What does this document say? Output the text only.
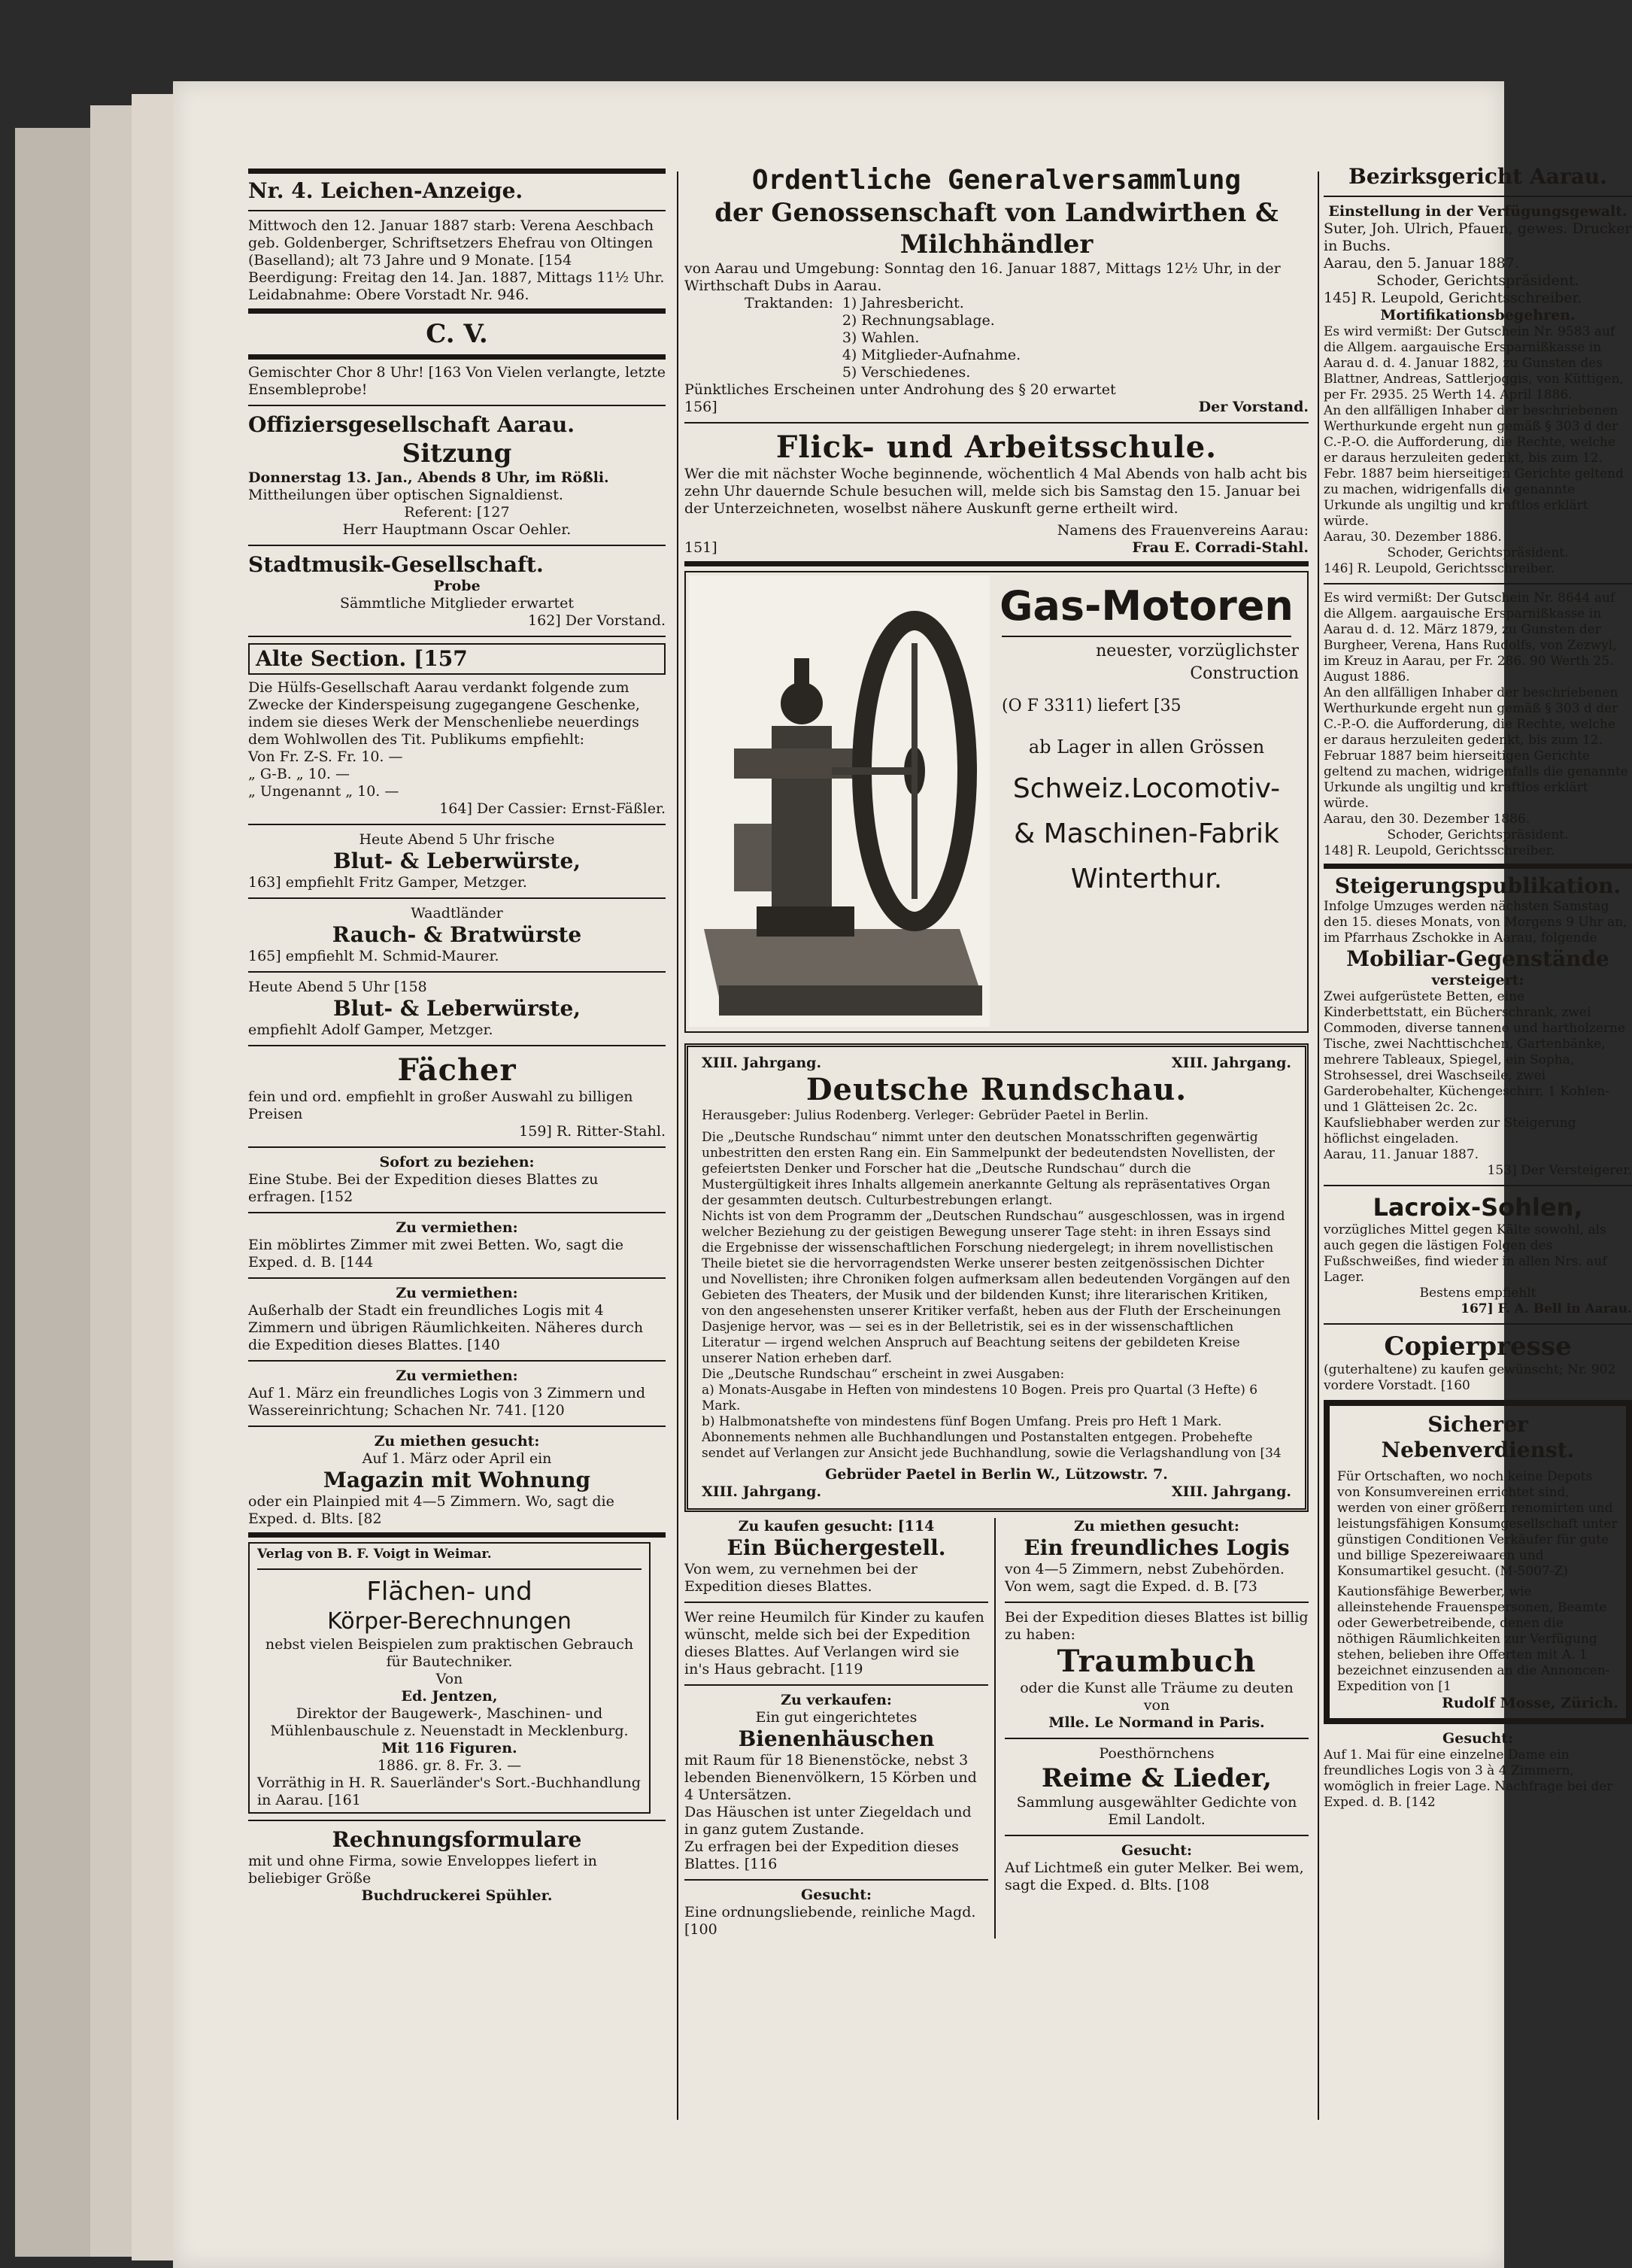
Nr. 4. Leichen-Anzeige.

Mittwoch den 12. Januar 1887 starb: Verena Aeschbach geb. Goldenberger, Schriftsetzers Ehefrau von Oltingen (Baselland); alt 73 Jahre und 9 Monate. [154

Beerdigung: Freitag den 14. Jan. 1887, Mittags 11½ Uhr. Leidabnahme: Obere Vorstadt Nr. 946.

C. V.

Gemischter Chor 8 Uhr! [163 Von Vielen verlangte, letzte Ensembleprobe!

Offiziersgesellschaft Aarau.

Sitzung

Donnerstag 13. Jan., Abends 8 Uhr, im Rößli.

Mittheilungen über optischen Signaldienst.

Referent: [127

Herr Hauptmann Oscar Oehler.

Stadtmusik-Gesellschaft.

Probe

Sämmtliche Mitglieder erwartet

162] Der Vorstand.

Alte Section. [157

Die Hülfs-Gesellschaft Aarau verdankt folgende zum Zwecke der Kinderspeisung zugegangene Geschenke, indem sie dieses Werk der Menschenliebe neuerdings dem Wohlwollen des Tit. Publikums empfiehlt:

Von Fr. Z-S. Fr. 10. —

„ G-B. „ 10. —

„ Ungenannt „ 10. —

164] Der Cassier: Ernst-Fäßler.

Heute Abend 5 Uhr frische

Blut- & Leberwürste,

163] empfiehlt Fritz Gamper, Metzger.

Waadtländer

Rauch- & Bratwürste

165] empfiehlt M. Schmid-Maurer.

Heute Abend 5 Uhr [158

Blut- & Leberwürste,

empfiehlt Adolf Gamper, Metzger.

Fächer

fein und ord. empfiehlt in großer Auswahl zu billigen Preisen

159] R. Ritter-Stahl.

Sofort zu beziehen:

Eine Stube. Bei der Expedition dieses Blattes zu erfragen. [152

Zu vermiethen:

Ein möblirtes Zimmer mit zwei Betten. Wo, sagt die Exped. d. B. [144

Zu vermiethen:

Außerhalb der Stadt ein freundliches Logis mit 4 Zimmern und übrigen Räumlichkeiten. Näheres durch die Expedition dieses Blattes. [140

Zu vermiethen:

Auf 1. März ein freundliches Logis von 3 Zimmern und Wassereinrichtung; Schachen Nr. 741. [120

Zu miethen gesucht:

Auf 1. März oder April ein

Magazin mit Wohnung

oder ein Plainpied mit 4—5 Zimmern. Wo, sagt die Exped. d. Blts. [82

Verlag von B. F. Voigt in Weimar.

Flächen- und

Körper-Berechnungen

nebst vielen Beispielen zum praktischen Gebrauch für Bautechniker.

Von

Ed. Jentzen,

Direktor der Baugewerk-, Maschinen- und Mühlenbauschule z. Neuenstadt in Mecklenburg.

Mit 116 Figuren.

1886. gr. 8. Fr. 3. —

Vorräthig in H. R. Sauerländer's Sort.-Buchhandlung in Aarau. [161

Rechnungsformulare

mit und ohne Firma, sowie Enveloppes liefert in beliebiger Größe

Buchdruckerei Spühler.

Ordentliche Generalversammlung

der Genossenschaft von Landwirthen & Milchhändler

von Aarau und Umgebung: Sonntag den 16. Januar 1887, Mittags 12½ Uhr, in der Wirthschaft Dubs in Aarau.

Traktanden: 1) Jahresbericht.

2) Rechnungsablage.

3) Wahlen.

4) Mitglieder-Aufnahme.

5) Verschiedenes.

Pünktliches Erscheinen unter Androhung des § 20 erwartet

156]	Der Vorstand.

Flick- und Arbeitsschule.

Wer die mit nächster Woche beginnende, wöchentlich 4 Mal Abends von halb acht bis zehn Uhr dauernde Schule besuchen will, melde sich bis Samstag den 15. Januar bei der Unterzeichneten, woselbst nähere Auskunft gerne ertheilt wird.

Namens des Frauenvereins Aarau:

151]	Frau E. Corradi-Stahl.

Gas-Motoren

neuester, vorzüglichster Construction

(O F 3311) liefert [35

ab Lager in allen Grössen

Schweiz.Locomotiv-

& Maschinen-Fabrik

Winterthur.

XIII. Jahrgang.	XIII. Jahrgang.

Deutsche Rundschau.

Herausgeber: Julius Rodenberg. Verleger: Gebrüder Paetel in Berlin.

Die „Deutsche Rundschau“ nimmt unter den deutschen Monatsschriften gegenwärtig unbestritten den ersten Rang ein. Ein Sammelpunkt der bedeutendsten Novellisten, der gefeiertsten Denker und Forscher hat die „Deutsche Rundschau“ durch die Mustergültigkeit ihres Inhalts allgemein anerkannte Geltung als repräsentatives Organ der gesammten deutsch. Culturbestrebungen erlangt.

Nichts ist von dem Programm der „Deutschen Rundschau“ ausgeschlossen, was in irgend welcher Beziehung zu der geistigen Bewegung unserer Tage steht: in ihren Essays sind die Ergebnisse der wissenschaftlichen Forschung niedergelegt; in ihrem novellistischen Theile bietet sie die hervorragendsten Werke unserer besten zeitgenössischen Dichter und Novellisten; ihre Chroniken folgen aufmerksam allen bedeutenden Vorgängen auf den Gebieten des Theaters, der Musik und der bildenden Kunst; ihre literarischen Kritiken, von den angesehensten unserer Kritiker verfaßt, heben aus der Fluth der Erscheinungen Dasjenige hervor, was — sei es in der Belletristik, sei es in der wissenschaftlichen Literatur — irgend welchen Anspruch auf Beachtung seitens der gebildeten Kreise unserer Nation erheben darf.

Die „Deutsche Rundschau“ erscheint in zwei Ausgaben:

a) Monats-Ausgabe in Heften von mindestens 10 Bogen. Preis pro Quartal (3 Hefte) 6 Mark.

b) Halbmonatshefte von mindestens fünf Bogen Umfang. Preis pro Heft 1 Mark.

Abonnements nehmen alle Buchhandlungen und Postanstalten entgegen. Probehefte sendet auf Verlangen zur Ansicht jede Buchhandlung, sowie die Verlagshandlung von [34

Gebrüder Paetel in Berlin W., Lützowstr. 7.

XIII. Jahrgang.	XIII. Jahrgang.

Zu kaufen gesucht: [114

Ein Büchergestell.

Von wem, zu vernehmen bei der Expedition dieses Blattes.

Wer reine Heumilch für Kinder zu kaufen wünscht, melde sich bei der Expedition dieses Blattes. Auf Verlangen wird sie in's Haus gebracht. [119

Zu verkaufen:

Ein gut eingerichtetes

Bienenhäuschen

mit Raum für 18 Bienenstöcke, nebst 3 lebenden Bienenvölkern, 15 Körben und 4 Untersätzen.

Das Häuschen ist unter Ziegeldach und in ganz gutem Zustande.

Zu erfragen bei der Expedition dieses Blattes. [116

Gesucht:

Eine ordnungsliebende, reinliche Magd. [100

Zu miethen gesucht:

Ein freundliches Logis

von 4—5 Zimmern, nebst Zubehörden. Von wem, sagt die Exped. d. B. [73

Bei der Expedition dieses Blattes ist billig zu haben:

Traumbuch

oder die Kunst alle Träume zu deuten

von

Mlle. Le Normand in Paris.

Poesthörnchens

Reime & Lieder,

Sammlung ausgewählter Gedichte von Emil Landolt.

Gesucht:

Auf Lichtmeß ein guter Melker. Bei wem, sagt die Exped. d. Blts. [108

Bezirksgericht Aarau.

Einstellung in der Verfügungsgewalt.

Suter, Joh. Ulrich, Pfauen, gewes. Drucker in Buchs.

Aarau, den 5. Januar 1887.

Schoder, Gerichtspräsident.

145] R. Leupold, Gerichtsschreiber.

Mortifikationsbegehren.

Es wird vermißt: Der Gutschein Nr. 9583 auf die Allgem. aargauische Ersparnißkasse in Aarau d. d. 4. Januar 1882, zu Gunsten des Blattner, Andreas, Sattlerjoggis, von Küttigen, per Fr. 2935. 25 Werth 14. April 1886.

An den allfälligen Inhaber der beschriebenen Werthurkunde ergeht nun gemäß § 303 d der C.-P.-O. die Aufforderung, die Rechte, welche er daraus herzuleiten gedenkt, bis zum 12. Febr. 1887 beim hierseitigen Gerichte geltend zu machen, widrigenfalls die genannte Urkunde als ungiltig und kraftlos erklärt würde.

Aarau, 30. Dezember 1886.

Schoder, Gerichtspräsident.

146] R. Leupold, Gerichtsschreiber.

Es wird vermißt: Der Gutschein Nr. 8644 auf die Allgem. aargauische Ersparnißkasse in Aarau d. d. 12. März 1879, zu Gunsten der Burgheer, Verena, Hans Rudolfs, von Zezwyl, im Kreuz in Aarau, per Fr. 286. 90 Werth 25. August 1886.

An den allfälligen Inhaber der beschriebenen Werthurkunde ergeht nun gemäß § 303 d der C.-P.-O. die Aufforderung, die Rechte, welche er daraus herzuleiten gedenkt, bis zum 12. Februar 1887 beim hierseitigen Gerichte geltend zu machen, widrigenfalls die genannte Urkunde als ungiltig und kraftlos erklärt würde.

Aarau, den 30. Dezember 1886.

Schoder, Gerichtspräsident.

148] R. Leupold, Gerichtsschreiber.

Steigerungspublikation.

Infolge Umzuges werden nächsten Samstag den 15. dieses Monats, von Morgens 9 Uhr an, im Pfarrhaus Zschokke in Aarau, folgende

Mobiliar-Gegenstände

versteigert:

Zwei aufgerüstete Betten, eine Kinderbettstatt, ein Bücherschrank, zwei Commoden, diverse tannene und hartholzerne Tische, zwei Nachttischchen, Gartenbänke, mehrere Tableaux, Spiegel, ein Sopha, Strohsessel, drei Waschseile, zwei Garderobehalter, Küchengeschirr, 1 Kohlen- und 1 Glätteisen 2c. 2c.

Kaufsliebhaber werden zur Steigerung höflichst eingeladen.

Aarau, 11. Januar 1887.

153] Der Versteigerer.

Lacroix-Sohlen,

vorzügliches Mittel gegen Kälte sowohl, als auch gegen die lästigen Folgen des Fußschweißes, find wieder in allen Nrs. auf Lager.

Bestens empfiehlt

167] F. A. Bell in Aarau.

Copierpresse

(guterhaltene) zu kaufen gewünscht; Nr. 902 vordere Vorstadt. [160

Sicherer

Nebenverdienst.

Für Ortschaften, wo noch keine Depots von Konsumvereinen errichtet sind, werden von einer größern renomirten und leistungsfähigen Konsumgesellschaft unter günstigen Conditionen Verkäufer für gute und billige Spezereiwaaren und Konsumartikel gesucht. (M-5007-Z)

Kautionsfähige Bewerber, wie alleinstehende Frauenspersonen, Beamte oder Gewerbetreibende, denen die nöthigen Räumlichkeiten zur Verfügung stehen, belieben ihre Offerten mit A. 1 bezeichnet einzusenden an die Annoncen-Expedition von [1

Rudolf Mosse, Zürich.

Gesucht:

Auf 1. Mai für eine einzelne Dame ein freundliches Logis von 3 à 4 Zimmern, womöglich in freier Lage. Nachfrage bei der Exped. d. B. [142
